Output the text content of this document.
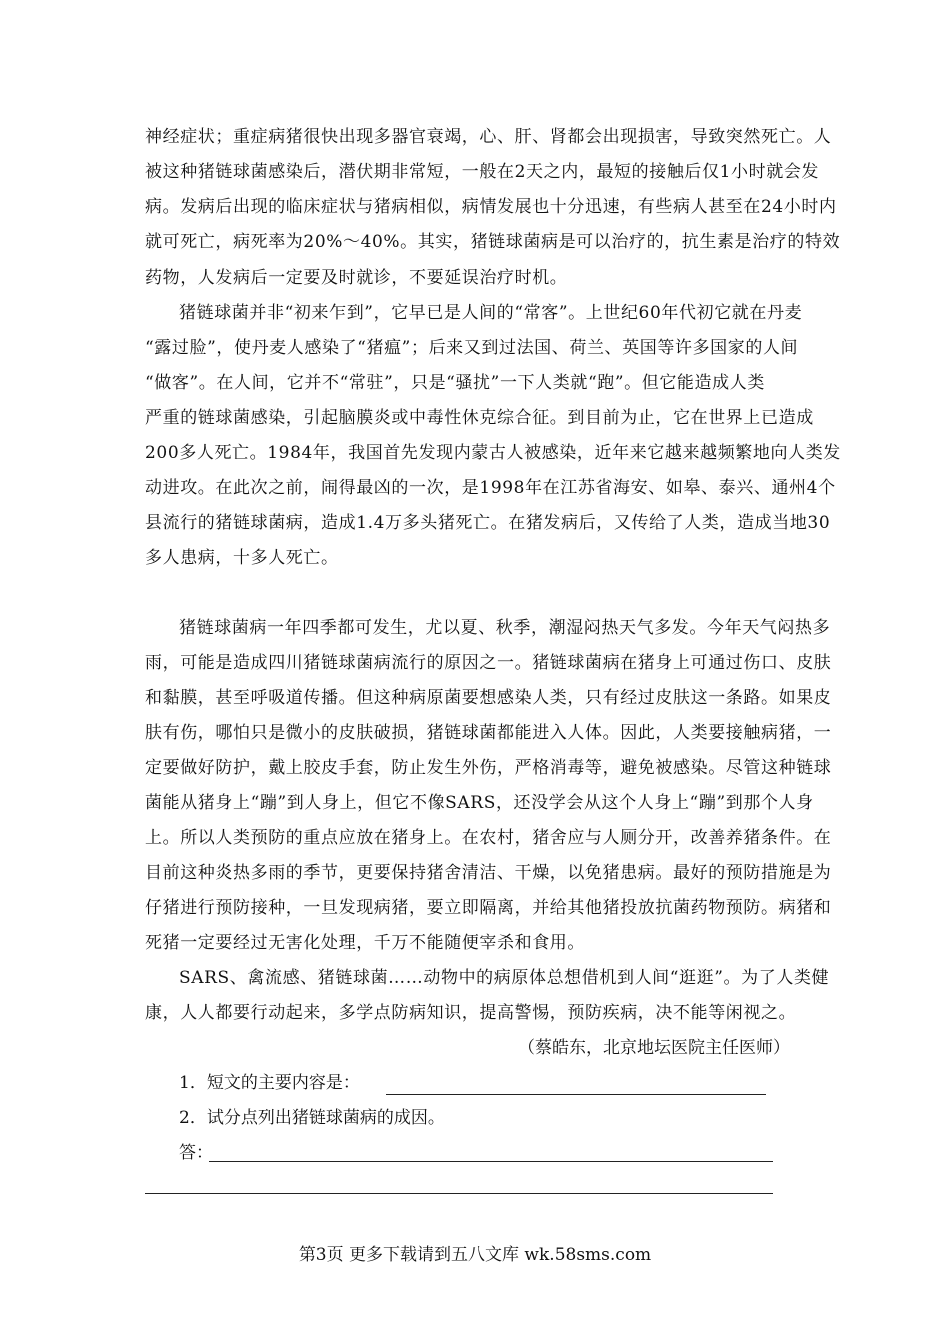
神经症状；重症病猪很快出现多器官衰竭，心、肝、肾都会出现损害，导致突然死亡。人
被这种猪链球菌感染后，潜伏期非常短，一般在2天之内，最短的接触后仅1小时就会发
病。发病后出现的临床症状与猪病相似，病情发展也十分迅速，有些病人甚至在24小时内
就可死亡，病死率为20%～40%。其实，猪链球菌病是可以治疗的，抗生素是治疗的特效
药物，人发病后一定要及时就诊，不要延误治疗时机。
猪链球菌并非“初来乍到”，它早已是人间的“常客”。上世纪60年代初它就在丹麦
“露过脸”，使丹麦人感染了“猪瘟”；后来又到过法国、荷兰、英国等许多国家的人间
“做客”。在人间，它并不“常驻”，只是“骚扰”一下人类就“跑”。但它能造成人类
严重的链球菌感染，引起脑膜炎或中毒性休克综合征。到目前为止，它在世界上已造成
200多人死亡。1984年，我国首先发现内蒙古人被感染，近年来它越来越频繁地向人类发
动进攻。在此次之前，闹得最凶的一次，是1998年在江苏省海安、如皋、泰兴、通州4个
县流行的猪链球菌病，造成1.4万多头猪死亡。在猪发病后，又传给了人类，造成当地30
多人患病，十多人死亡。
猪链球菌病一年四季都可发生，尤以夏、秋季，潮湿闷热天气多发。今年天气闷热多
雨，可能是造成四川猪链球菌病流行的原因之一。猪链球菌病在猪身上可通过伤口、皮肤
和黏膜，甚至呼吸道传播。但这种病原菌要想感染人类，只有经过皮肤这一条路。如果皮
肤有伤，哪怕只是微小的皮肤破损，猪链球菌都能进入人体。因此，人类要接触病猪，一
定要做好防护，戴上胶皮手套，防止发生外伤，严格消毒等，避免被感染。尽管这种链球
菌能从猪身上“蹦”到人身上，但它不像SARS，还没学会从这个人身上“蹦”到那个人身
上。所以人类预防的重点应放在猪身上。在农村，猪舍应与人厕分开，改善养猪条件。在
目前这种炎热多雨的季节，更要保持猪舍清洁、干燥，以免猪患病。最好的预防措施是为
仔猪进行预防接种，一旦发现病猪，要立即隔离，并给其他猪投放抗菌药物预防。病猪和
死猪一定要经过无害化处理，千万不能随便宰杀和食用。
SARS、禽流感、猪链球菌……动物中的病原体总想借机到人间“逛逛”。为了人类健
康，人人都要行动起来，多学点防病知识，提高警惕，预防疾病，决不能等闲视之。
（蔡皓东，北京地坛医院主任医师）
1．短文的主要内容是：
2．试分点列出猪链球菌病的成因。
答：
第3页 更多下载请到五八文库 wk.58sms.com
